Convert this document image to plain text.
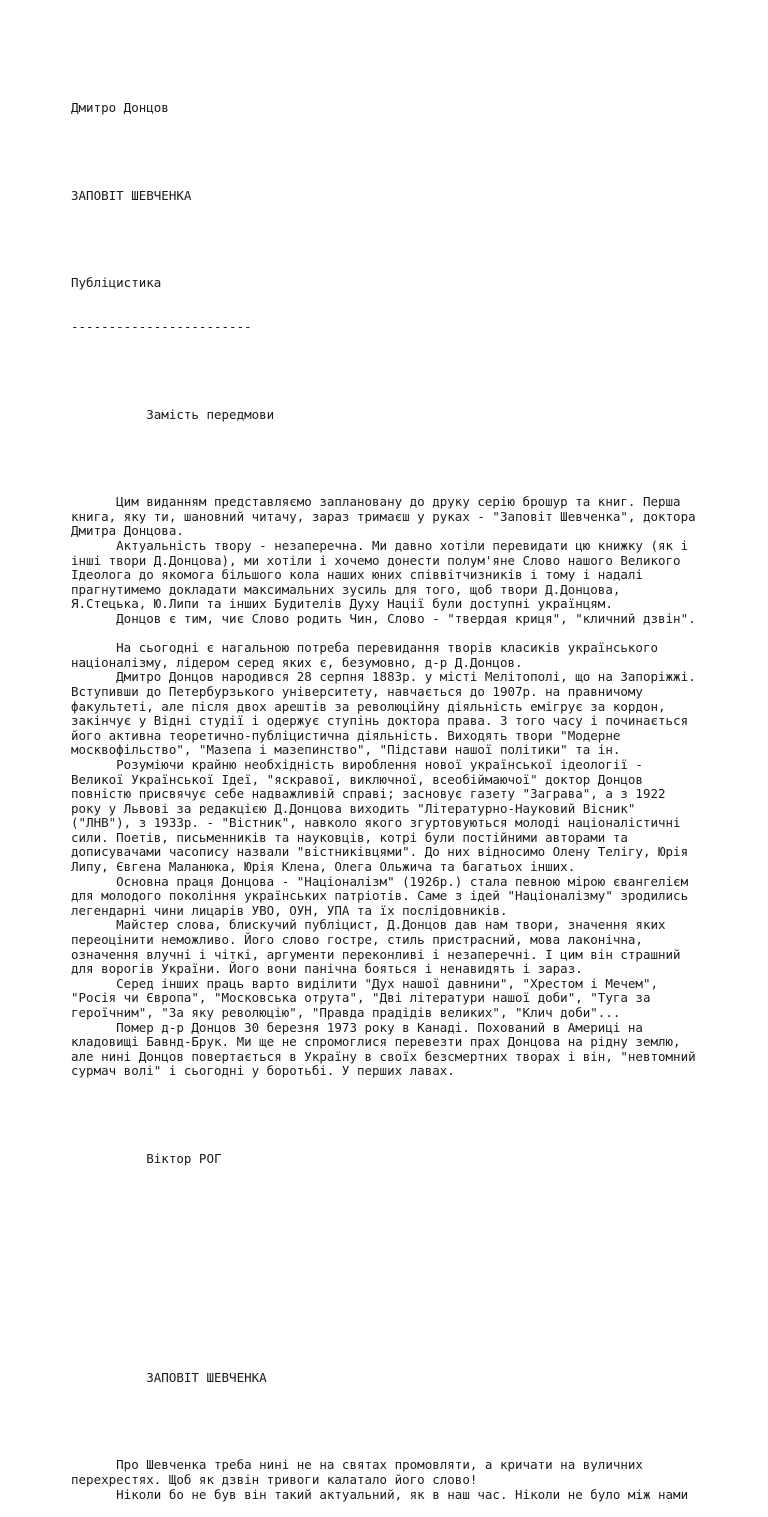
Дмитро Донцов

ЗАПОВІТ ШЕВЧЕНКА

Публіцистика

------------------------

Замість передмови

Цим виданням представляємо заплановану до друку серію брошур та книг. Перша
книга, яку ти, шановний читачу, зараз тримаєш у руках - "Заповіт Шевченка", доктора
Дмитра Донцова.
Актуальність твору - незаперечна. Ми давно хотіли перевидати цю книжку (як і
інші твори Д.Донцова), ми хотіли і хочемо донести полум'яне Слово нашого Великого
Ідеолога до якомога більшого кола наших юних співвітчизників і тому і надалі
прагнутимемо докладати максимальних зусиль для того, щоб твори Д.Донцова,
Я.Стецька, Ю.Липи та інших Будителів Духу Нації були доступні українцям.
Донцов є тим, чиє Слово родить Чин, Слово - "твердая криця", "кличний дзвін".
На сьогодні є нагальною потреба перевидання творів класиків українського
націоналізму, лідером серед яких є, безумовно, д-р Д.Донцов.
Дмитро Донцов народився 28 серпня 1883р. у місті Мелітополі, що на Запоріжжі.
Вступивши до Петербурзького університету, навчається до 1907р. на правничому
факультеті, але після двох арештів за революційну діяльність емігрує за кордон,
закінчує у Відні студії і одержує ступінь доктора права. З того часу і починається
його активна теоретично-публіцистична діяльність. Виходять твори "Модерне
москвофільство", "Мазепа і мазепинство", "Підстави нашої політики" та ін.
Розуміючи крайню необхідність вироблення нової української ідеології -
Великої Української Ідеї, "яскравої, виключної, всеобіймаючої" доктор Донцов
повністю присвячує себе надважливій справі; засновує газету "Заграва", а з 1922
року у Львові за редакцією Д.Донцова виходить "Літературно-Науковий Вісник"
("ЛНВ"), з 1933р. - "Вістник", навколо якого згуртовуються молоді націоналістичні
сили. Поетів, письменників та науковців, котрі були постійними авторами та
дописувачами часопису назвали "вістниківцями". До них відносимо Олену Телігу, Юрія
Липу, Євгена Маланюка, Юрія Клена, Олега Ольжича та багатьох інших.
Основна праця Донцова - "Націоналізм" (1926р.) стала певною мірою євангелієм
для молодого покоління українських патріотів. Саме з ідей "Націоналізму" зродились
легендарні чини лицарів УВО, ОУН, УПА та їх послідовників.
Майстер слова, блискучий публіцист, Д.Донцов дав нам твори, значення яких
переоцінити неможливо. Його слово гостре, стиль пристрасний, мова лаконічна,
означення влучні і чіткі, аргументи переконливі і незаперечні. І цим він страшний
для ворогів України. Його вони панічна бояться і ненавидять і зараз.
Серед інших праць варто виділити "Дух нашої давнини", "Хрестом і Мечем",
"Росія чи Європа", "Московська отрута", "Дві літератури нашої доби", "Туга за
героїчним", "За яку революцію", "Правда прадідів великих", "Клич доби"...
Помер д-р Донцов 30 березня 1973 року в Канаді. Похований в Америці на
кладовищі Бавнд-Брук. Ми ще не спромоглися перевезти прах Донцова на рідну землю,
але нині Донцов повертається в Україну в своїх безсмертних творах і він, "невтомний
сурмач волі" і сьогодні у боротьбі. У перших лавах.

Віктор РОГ

ЗАПОВІТ ШЕВЧЕНКА

Про Шевченка треба нині не на святах промовляти, а кричати на вуличних
перехрестях. Щоб як дзвін тривоги калатало його слово!
Ніколи бо не був він такий актуальний, як в наш час. Ніколи не було між нами
